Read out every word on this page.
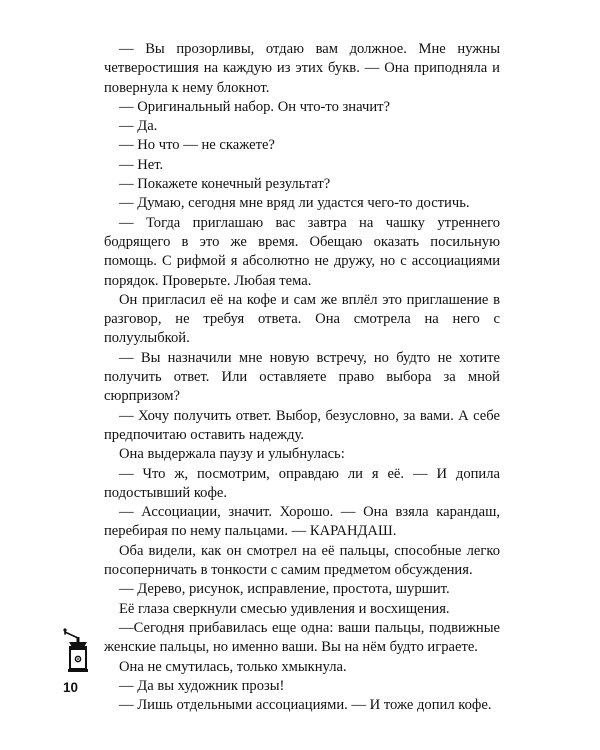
— Вы прозорливы, отдаю вам должное. Мне нужны четверостишия на каждую из этих букв. — Она приподняла и повернула к нему блокнот.

— Оригинальный набор. Он что-то значит?

— Да.

— Но что — не скажете?

— Нет.

— Покажете конечный результат?

— Думаю, сегодня мне вряд ли удастся чего-то достичь.

— Тогда приглашаю вас завтра на чашку утреннего бодрящего в это же время. Обещаю оказать посильную помощь. С рифмой я абсолютно не дружу, но с ассоциациями порядок. Проверьте. Любая тема.

Он пригласил её на кофе и сам же вплёл это приглашение в разговор, не требуя ответа. Она смотрела на него с полуулыбкой.

— Вы назначили мне новую встречу, но будто не хотите получить ответ. Или оставляете право выбора за мной сюрпризом?

— Хочу получить ответ. Выбор, безусловно, за вами. А себе предпочитаю оставить надежду.

Она выдержала паузу и улыбнулась:

— Что ж, посмотрим, оправдаю ли я её. — И допила подостывший кофе.

— Ассоциации, значит. Хорошо. — Она взяла карандаш, перебирая по нему пальцами. — КАРАНДАШ.

Оба видели, как он смотрел на её пальцы, способные легко посоперничать в тонкости с самим предметом обсуждения.

— Дерево, рисунок, исправление, простота, шуршит.

Её глаза сверкнули смесью удивления и восхищения.

—Сегодня прибавилась еще одна: ваши пальцы, подвижные женские пальцы, но именно ваши. Вы на нём будто играете.

Она не смутилась, только хмыкнула.

— Да вы художник прозы!

— Лишь отдельными ассоциациями. — И тоже допил кофе.

10
